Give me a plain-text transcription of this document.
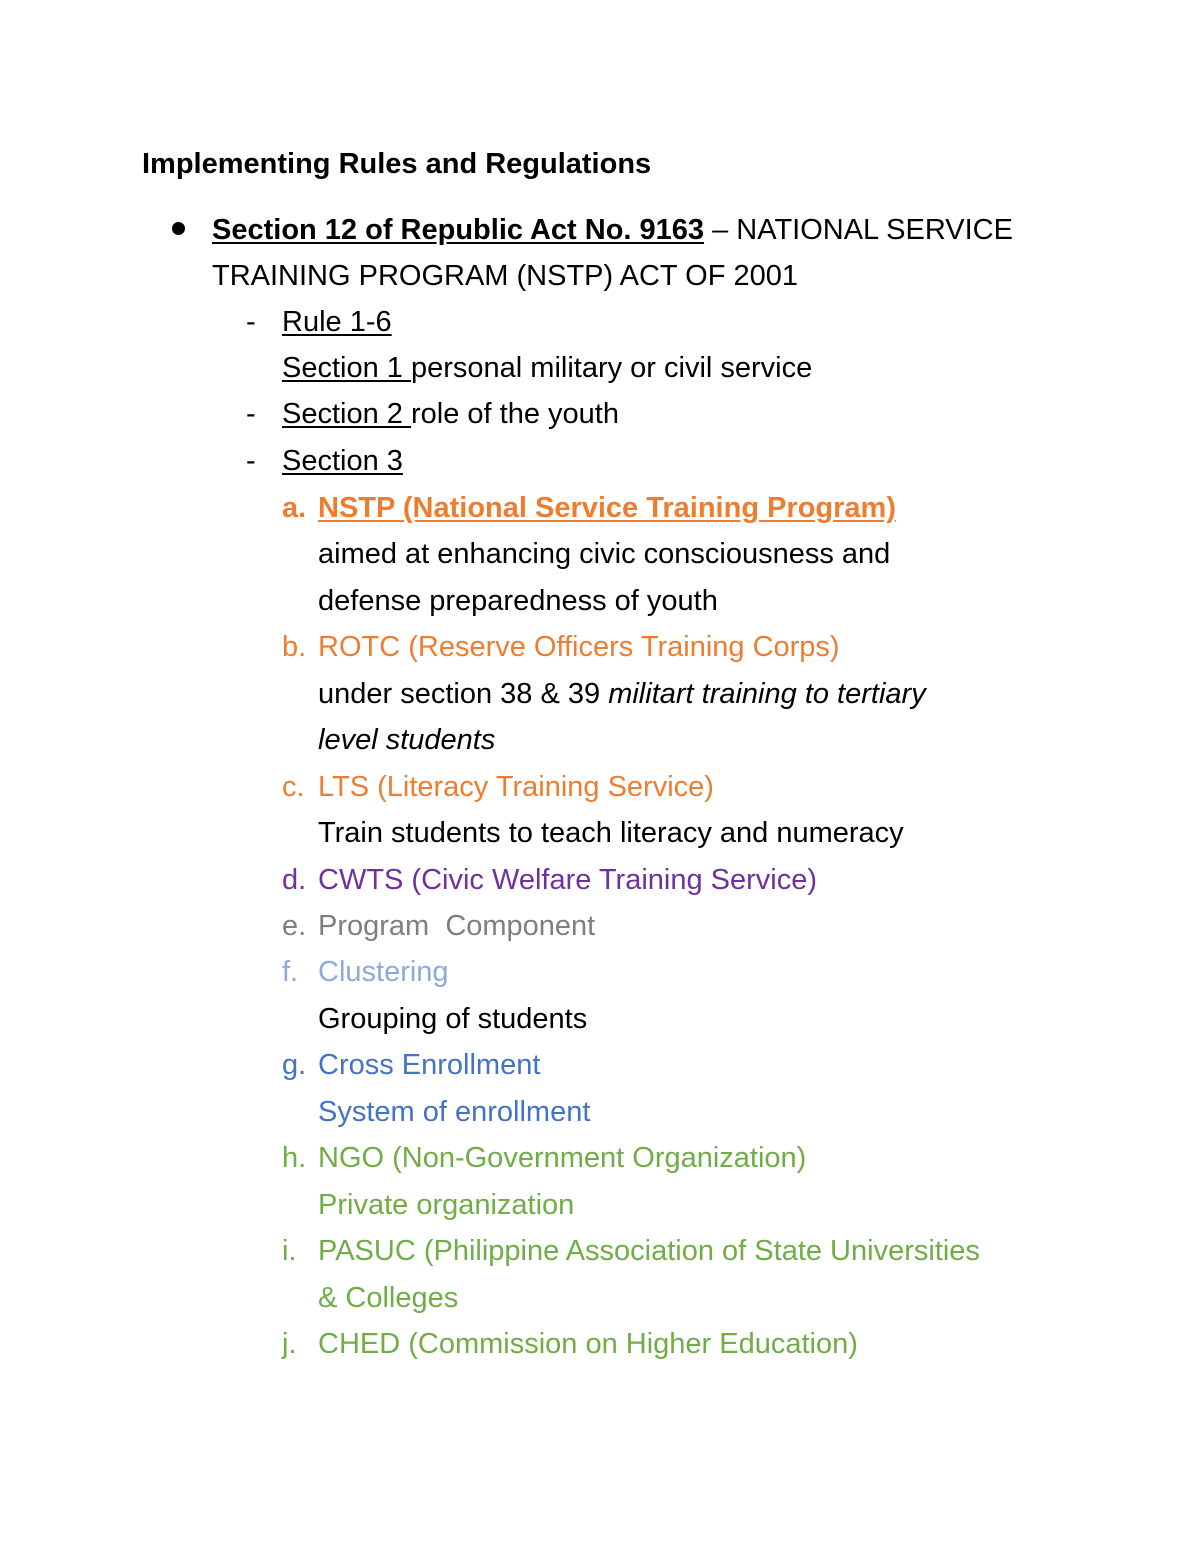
Implementing Rules and Regulations
Section 12 of Republic Act No. 9163 – NATIONAL SERVICE
TRAINING PROGRAM (NSTP) ACT OF 2001
- Rule 1-6
Section 1 personal military or civil service
- Section 2 role of the youth
- Section 3
a. NSTP (National Service Training Program)
aimed at enhancing civic consciousness and
defense preparedness of youth
b. ROTC (Reserve Officers Training Corps)
under section 38 & 39 militart training to tertiary
level students
c. LTS (Literacy Training Service)
Train students to teach literacy and numeracy
d. CWTS (Civic Welfare Training Service)
e. Program  Component
f. Clustering
Grouping of students
g. Cross Enrollment
System of enrollment
h. NGO (Non-Government Organization)
Private organization
i. PASUC (Philippine Association of State Universities
& Colleges
j. CHED (Commission on Higher Education)
